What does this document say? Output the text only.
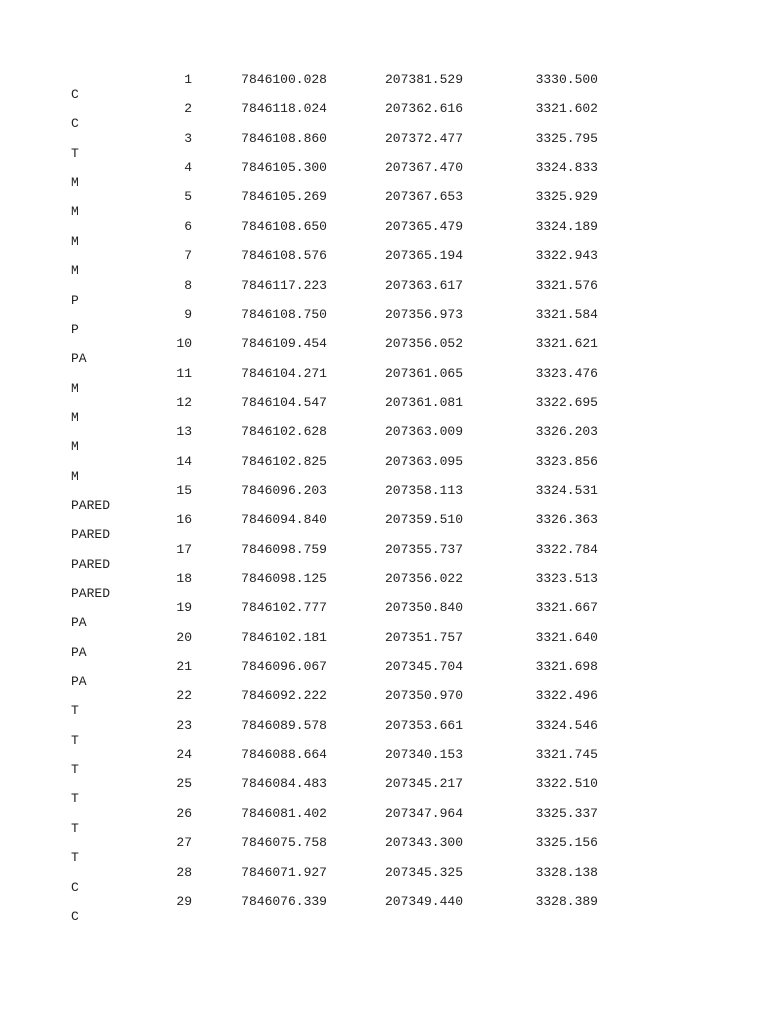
1	7846100.028	207381.529	3330.500
C
2	7846118.024	207362.616	3321.602
C
3	7846108.860	207372.477	3325.795
T
4	7846105.300	207367.470	3324.833
M
5	7846105.269	207367.653	3325.929
M
6	7846108.650	207365.479	3324.189
M
7	7846108.576	207365.194	3322.943
M
8	7846117.223	207363.617	3321.576
P
9	7846108.750	207356.973	3321.584
P
10	7846109.454	207356.052	3321.621
PA
11	7846104.271	207361.065	3323.476
M
12	7846104.547	207361.081	3322.695
M
13	7846102.628	207363.009	3326.203
M
14	7846102.825	207363.095	3323.856
M
15	7846096.203	207358.113	3324.531
PARED
16	7846094.840	207359.510	3326.363
PARED
17	7846098.759	207355.737	3322.784
PARED
18	7846098.125	207356.022	3323.513
PARED
19	7846102.777	207350.840	3321.667
PA
20	7846102.181	207351.757	3321.640
PA
21	7846096.067	207345.704	3321.698
PA
22	7846092.222	207350.970	3322.496
T
23	7846089.578	207353.661	3324.546
T
24	7846088.664	207340.153	3321.745
T
25	7846084.483	207345.217	3322.510
T
26	7846081.402	207347.964	3325.337
T
27	7846075.758	207343.300	3325.156
T
28	7846071.927	207345.325	3328.138
C
29	7846076.339	207349.440	3328.389
C
